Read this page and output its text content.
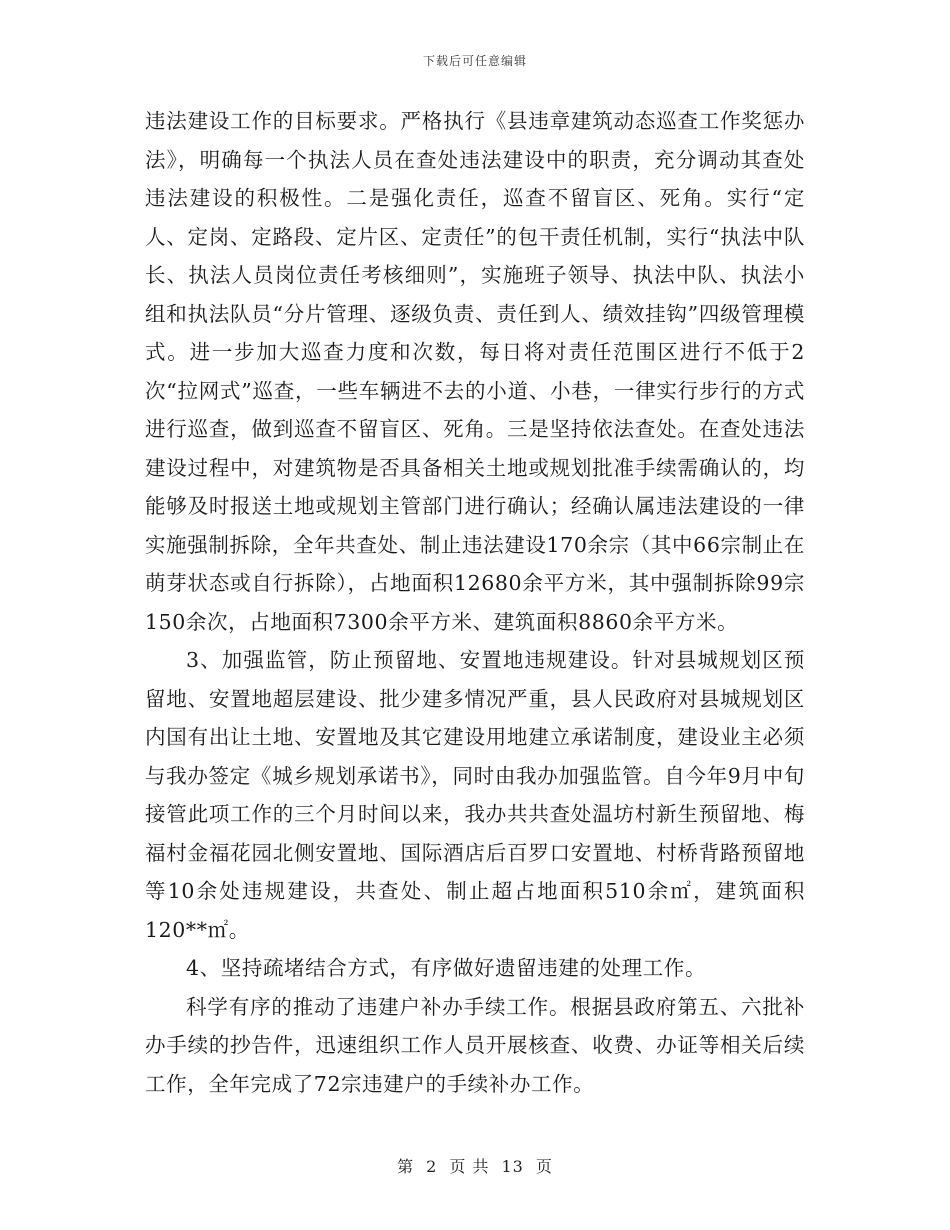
下载后可任意编辑

违法建设工作的目标要求。严格执行《县违章建筑动态巡查工作奖惩办法》，明确每一个执法人员在查处违法建设中的职责，充分调动其查处违法建设的积极性。二是强化责任，巡查不留盲区、死角。实行“定人、定岗、定路段、定片区、定责任”的包干责任机制，实行“执法中队长、执法人员岗位责任考核细则”，实施班子领导、执法中队、执法小组和执法队员“分片管理、逐级负责、责任到人、绩效挂钩”四级管理模式。进一步加大巡查力度和次数，每日将对责任范围区进行不低于2次“拉网式”巡查，一些车辆进不去的小道、小巷，一律实行步行的方式进行巡查，做到巡查不留盲区、死角。三是坚持依法查处。在查处违法建设过程中，对建筑物是否具备相关土地或规划批准手续需确认的，均能够及时报送土地或规划主管部门进行确认；经确认属违法建设的一律实施强制拆除，全年共查处、制止违法建设170余宗（其中66宗制止在萌芽状态或自行拆除），占地面积12680余平方米，其中强制拆除99宗150余次，占地面积7300余平方米、建筑面积8860余平方米。

3、加强监管，防止预留地、安置地违规建设。针对县城规划区预留地、安置地超层建设、批少建多情况严重，县人民政府对县城规划区内国有出让土地、安置地及其它建设用地建立承诺制度，建设业主必须与我办签定《城乡规划承诺书》，同时由我办加强监管。自今年9月中旬接管此项工作的三个月时间以来，我办共共查处温坊村新生预留地、梅福村金福花园北侧安置地、国际酒店后百罗口安置地、村桥背路预留地等10余处违规建设，共查处、制止超占地面积510余㎡，建筑面积120**㎡。

4、坚持疏堵结合方式，有序做好遗留违建的处理工作。

科学有序的推动了违建户补办手续工作。根据县政府第五、六批补办手续的抄告件，迅速组织工作人员开展核查、收费、办证等相关后续工作，全年完成了72宗违建户的手续补办工作。

第 2 页 共 13 页
